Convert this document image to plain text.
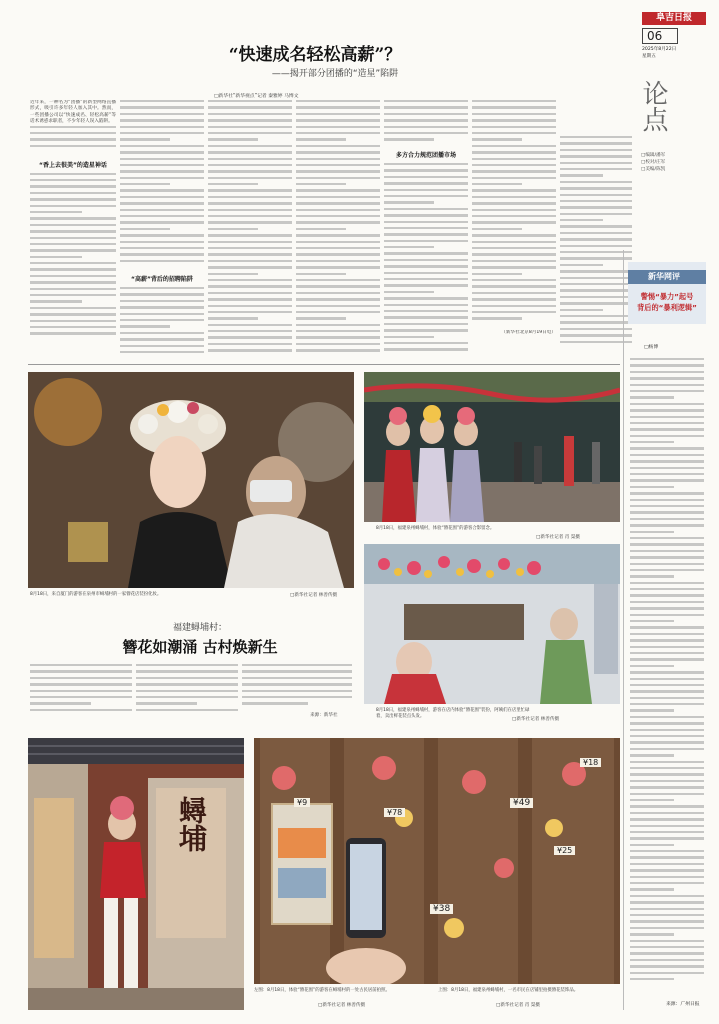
阜吉日报
06
2025年8月22日
星期五
论点
□编辑/潘军
□校对/庄军
□美编/陈凯
“快速成名轻松高薪”？
——揭开部分团播的“造星”陷阱
□新华社“新华视点”记者 秦雅婷 马博文
近年来，一种名为“团播”的新型网络直播形式，吸引许多年轻人加入其中。然而，一些团播公司以“快速成名、轻松高薪”等话术诱惑求职者，不少年轻人误入陷阱。
“香上去很美”的造星神话
“高薪”背后的招聘陷阱
多方合力规范团播市场
（新华社北京8月19日电）
新华网评
警惕“暴力”起号
背后的“暴利逻辑”
□杨博
来源：广州日报
8月18日，来自厦门的游客在泉州市蟳埔村的一家簪花店装扮化妆。	□新华社记者 林善传摄
8月18日，福建泉州蟳埔村，体验“簪花围”的游客合影留念。
□新华社记者 肖 渠摄
8月18日，福建泉州蟳埔村，游客在店内体验“簪花围”装扮，阿姨们在店里忙碌着，卖出鲜花装点头发。
□新华社记者 林善传摄
福建蟳埔村：
簪花如潮涌 古村焕新生
来源：新华社
蟳埔
¥38
¥49
¥78
¥9
¥25
¥18
左图：8月18日，体验“簪花围”的游客在蟳埔村的一处古民居前拍照。
□新华社记者 林善传摄
上图：8月18日，福建泉州蟳埔村，一名市民在店铺里拍摄簪花装饰品。
□新华社记者 肖 渠摄
